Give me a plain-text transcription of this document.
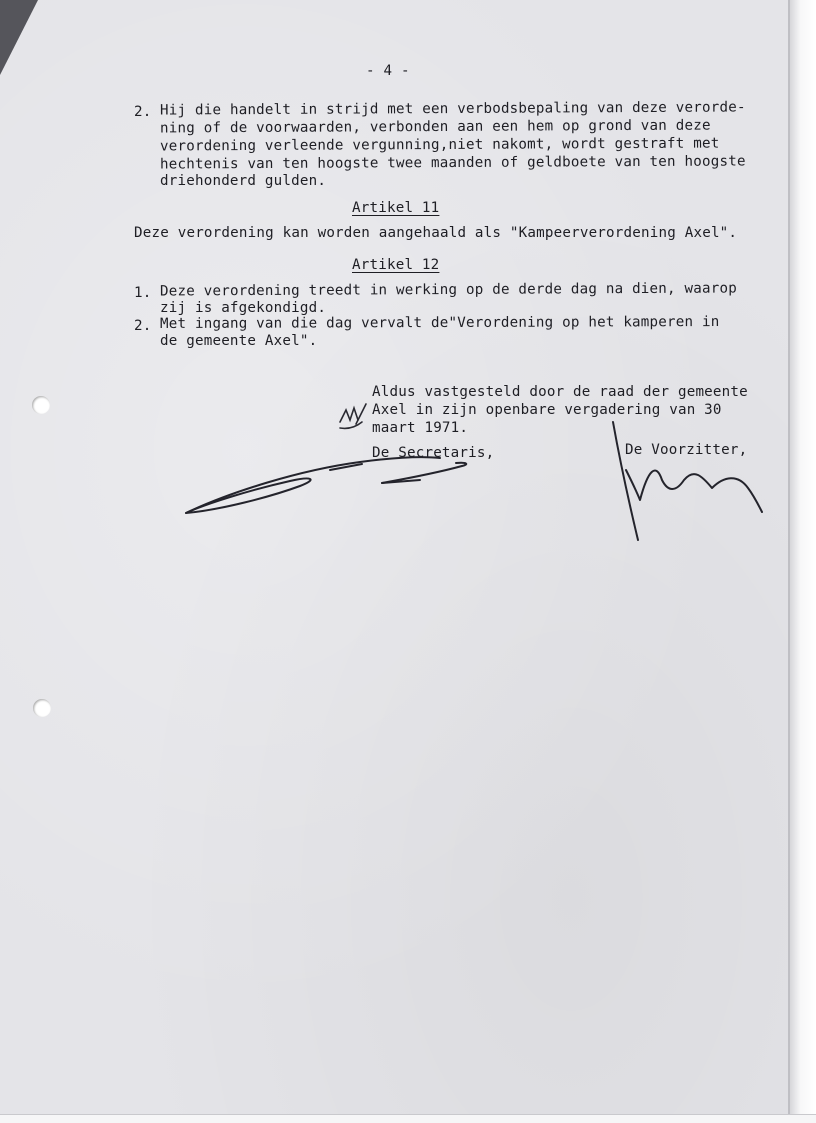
- 4 -
2. Hij die handelt in strijd met een verbodsbepaling van deze verorde-
ning of de voorwaarden, verbonden aan een hem op grond van deze
verordening verleende vergunning,niet nakomt, wordt gestraft met
hechtenis van ten hoogste twee maanden of geldboete van ten hoogste
driehonderd gulden.
Artikel 11
Deze verordening kan worden aangehaald als "Kampeerverordening Axel".
Artikel 12
1. Deze verordening treedt in werking op de derde dag na dien, waarop
zij is afgekondigd.
2. Met ingang van die dag vervalt de"Verordening op het kamperen in
de gemeente Axel".
Aldus vastgesteld door de raad der gemeente
Axel in zijn openbare vergadering van 30
maart 1971.
De Secretaris,	De Voorzitter,
